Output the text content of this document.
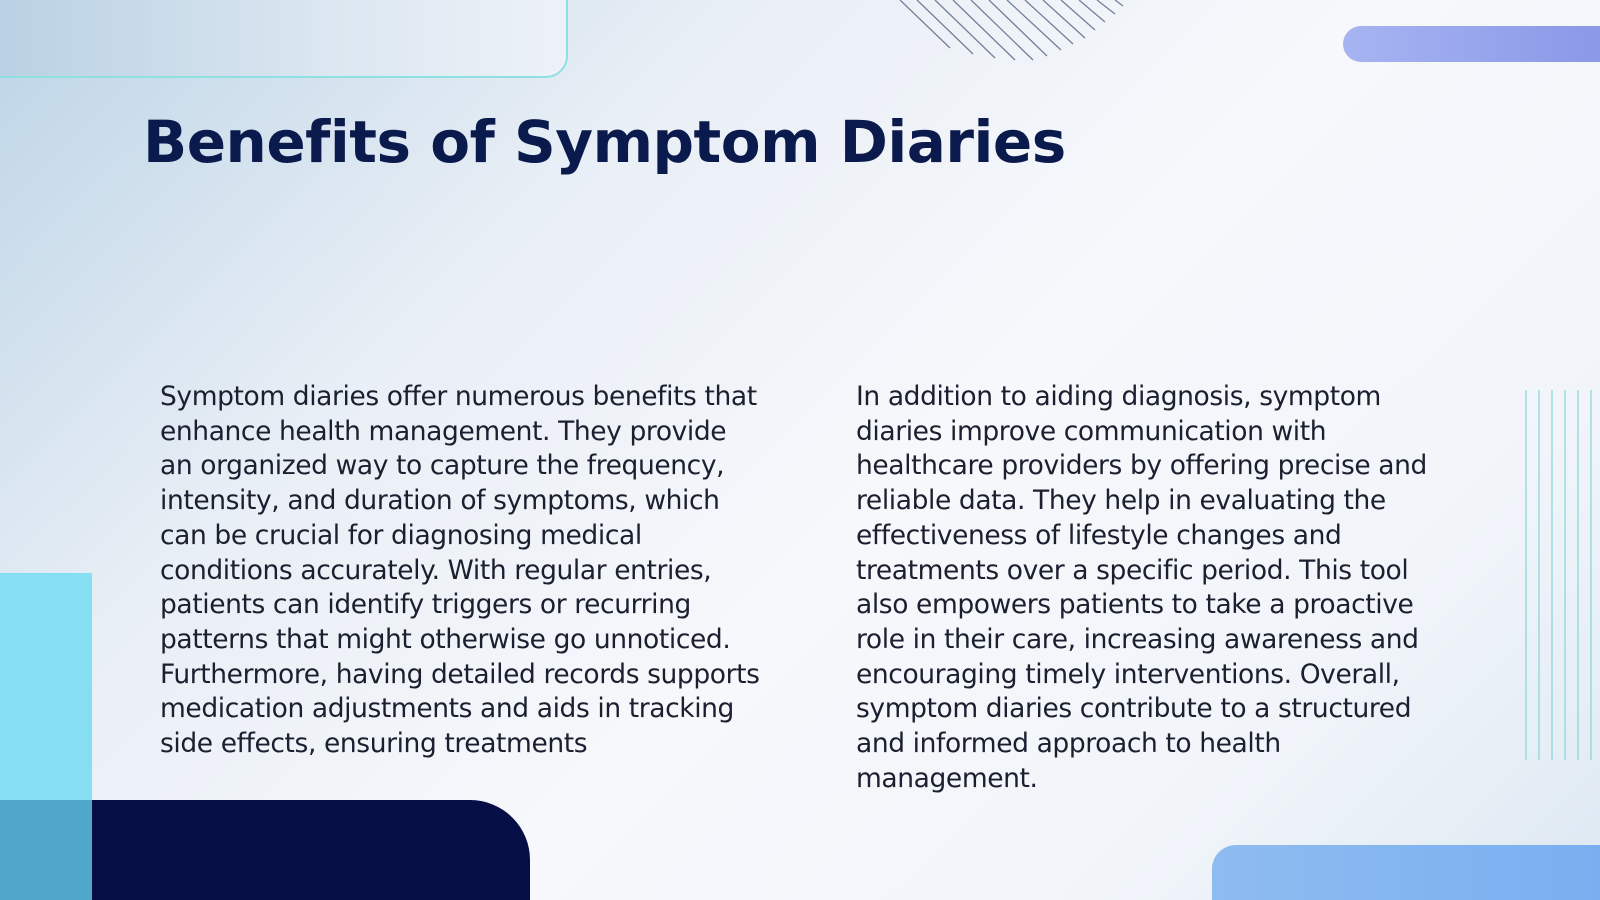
Benefits of Symptom Diaries

Symptom diaries offer numerous benefits that enhance health management. They provide an organized way to capture the frequency, intensity, and duration of symptoms, which can be crucial for diagnosing medical conditions accurately. With regular entries, patients can identify triggers or recurring patterns that might otherwise go unnoticed. Furthermore, having detailed records supports medication adjustments and aids in tracking side effects, ensuring treatments

In addition to aiding diagnosis, symptom diaries improve communication with healthcare providers by offering precise and reliable data. They help in evaluating the effectiveness of lifestyle changes and treatments over a specific period. This tool also empowers patients to take a proactive role in their care, increasing awareness and encouraging timely interventions. Overall, symptom diaries contribute to a structured and informed approach to health management.
